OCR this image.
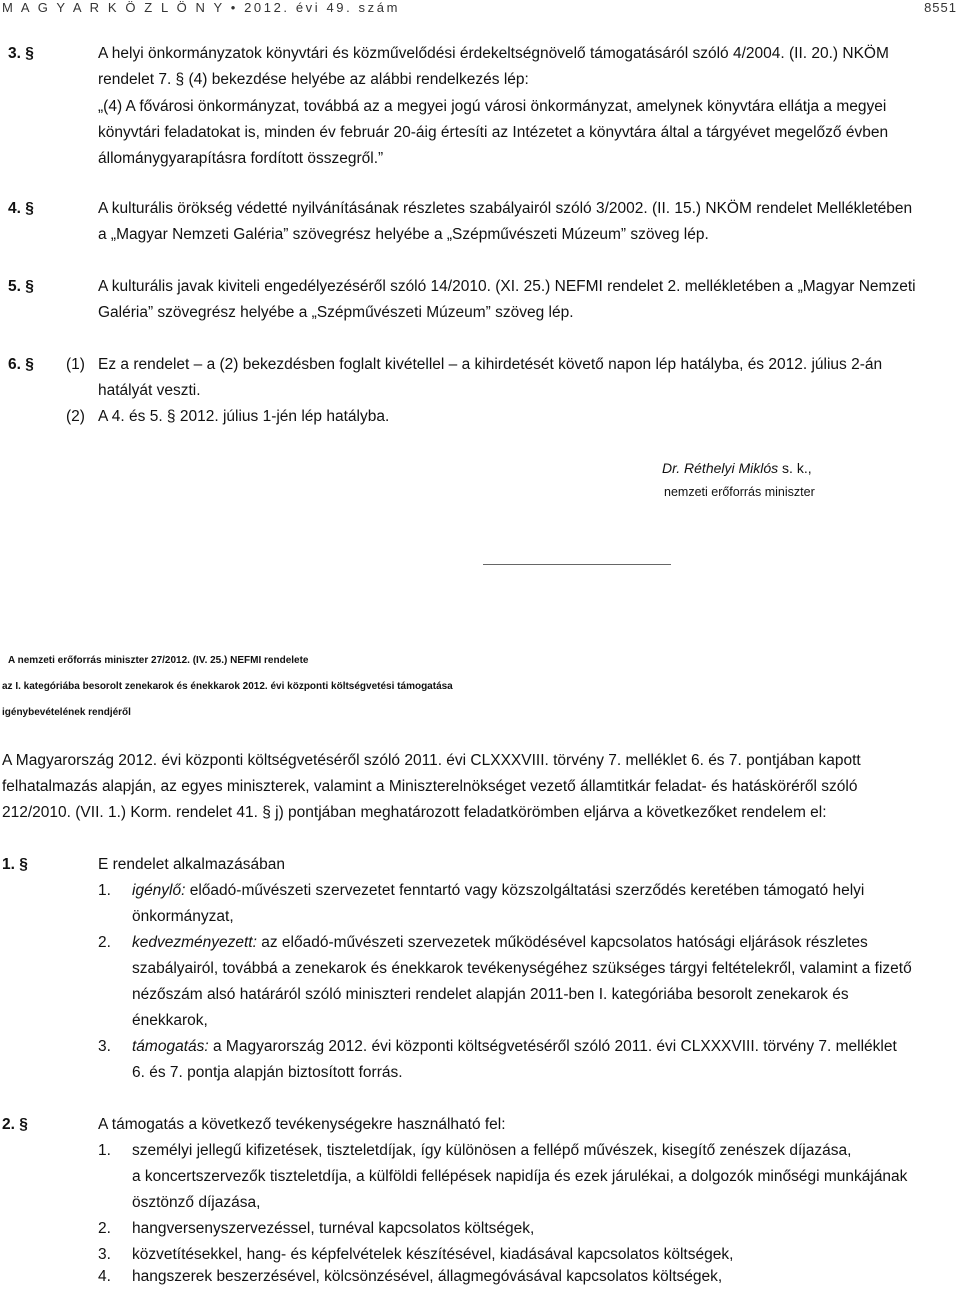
M A G Y A R K Ö Z L Ö N Y • 2012. évi 49. szám	8551
3. §	A helyi önkormányzatok könyvtári és közművelődési érdekeltségnövelő támogatásáról szóló 4/2004. (II. 20.) NKÖM
rendelet 7. § (4) bekezdése helyébe az alábbi rendelkezés lép:
„(4) A fővárosi önkormányzat, továbbá az a megyei jogú városi önkormányzat, amelynek könyvtára ellátja a megyei
könyvtári feladatokat is, minden év február 20-áig értesíti az Intézetet a könyvtára által a tárgyévet megelőző évben
állománygyarapításra fordított összegről.”
4. §	A kulturális örökség védetté nyilvánításának részletes szabályairól szóló 3/2002. (II. 15.) NKÖM rendelet Mellékletében
a „Magyar Nemzeti Galéria” szövegrész helyébe a „Szépművészeti Múzeum” szöveg lép.
5. §	A kulturális javak kiviteli engedélyezéséről szóló 14/2010. (XI. 25.) NEFMI rendelet 2. mellékletében a „Magyar Nemzeti
Galéria” szövegrész helyébe a „Szépművészeti Múzeum” szöveg lép.
6. § (1) Ez a rendelet – a (2) bekezdésben foglalt kivétellel – a kihirdetését követő napon lép hatályba, és 2012. július 2-án
hatályát veszti.
(2) A 4. és 5. § 2012. július 1-jén lép hatályba.
Dr. Réthelyi Miklós s. k.,
nemzeti erőforrás miniszter
A nemzeti erőforrás miniszter 27/2012. (IV. 25.) NEFMI rendelete
az I. kategóriába besorolt zenekarok és énekkarok 2012. évi központi költségvetési támogatása
igénybevételének rendjéről
A Magyarország 2012. évi központi költségvetéséről szóló 2011. évi CLXXXVIII. törvény 7. melléklet 6. és 7. pontjában kapott
felhatalmazás alapján, az egyes miniszterek, valamint a Miniszterelnökséget vezető államtitkár feladat- és hatásköréről szóló
212/2010. (VII. 1.) Korm. rendelet 41. § j) pontjában meghatározott feladatkörömben eljárva a következőket rendelem el:
1. §	E rendelet alkalmazásában
1. igénylő: előadó-művészeti szervezetet fenntartó vagy közszolgáltatási szerződés keretében támogató helyi
önkormányzat,
2. kedvezményezett: az előadó-művészeti szervezetek működésével kapcsolatos hatósági eljárások részletes
szabályairól, továbbá a zenekarok és énekkarok tevékenységéhez szükséges tárgyi feltételekről, valamint a fizető
nézőszám alsó határáról szóló miniszteri rendelet alapján 2011-ben I. kategóriába besorolt zenekarok és
énekkarok,
3. támogatás: a Magyarország 2012. évi központi költségvetéséről szóló 2011. évi CLXXXVIII. törvény 7. melléklet
6. és 7. pontja alapján biztosított forrás.
2. §	A támogatás a következő tevékenységekre használható fel:
1. személyi jellegű kifizetések, tiszteletdíjak, így különösen a fellépő művészek, kisegítő zenészek díjazása,
a koncertszervezők tiszteletdíja, a külföldi fellépések napidíja és ezek járulékai, a dolgozók minőségi munkájának
ösztönző díjazása,
2. hangversenyszervezéssel, turnéval kapcsolatos költségek,
3. közvetítésekkel, hang- és képfelvételek készítésével, kiadásával kapcsolatos költségek,
4. hangszerek beszerzésével, kölcsönzésével, állagmegóvásával kapcsolatos költségek,
